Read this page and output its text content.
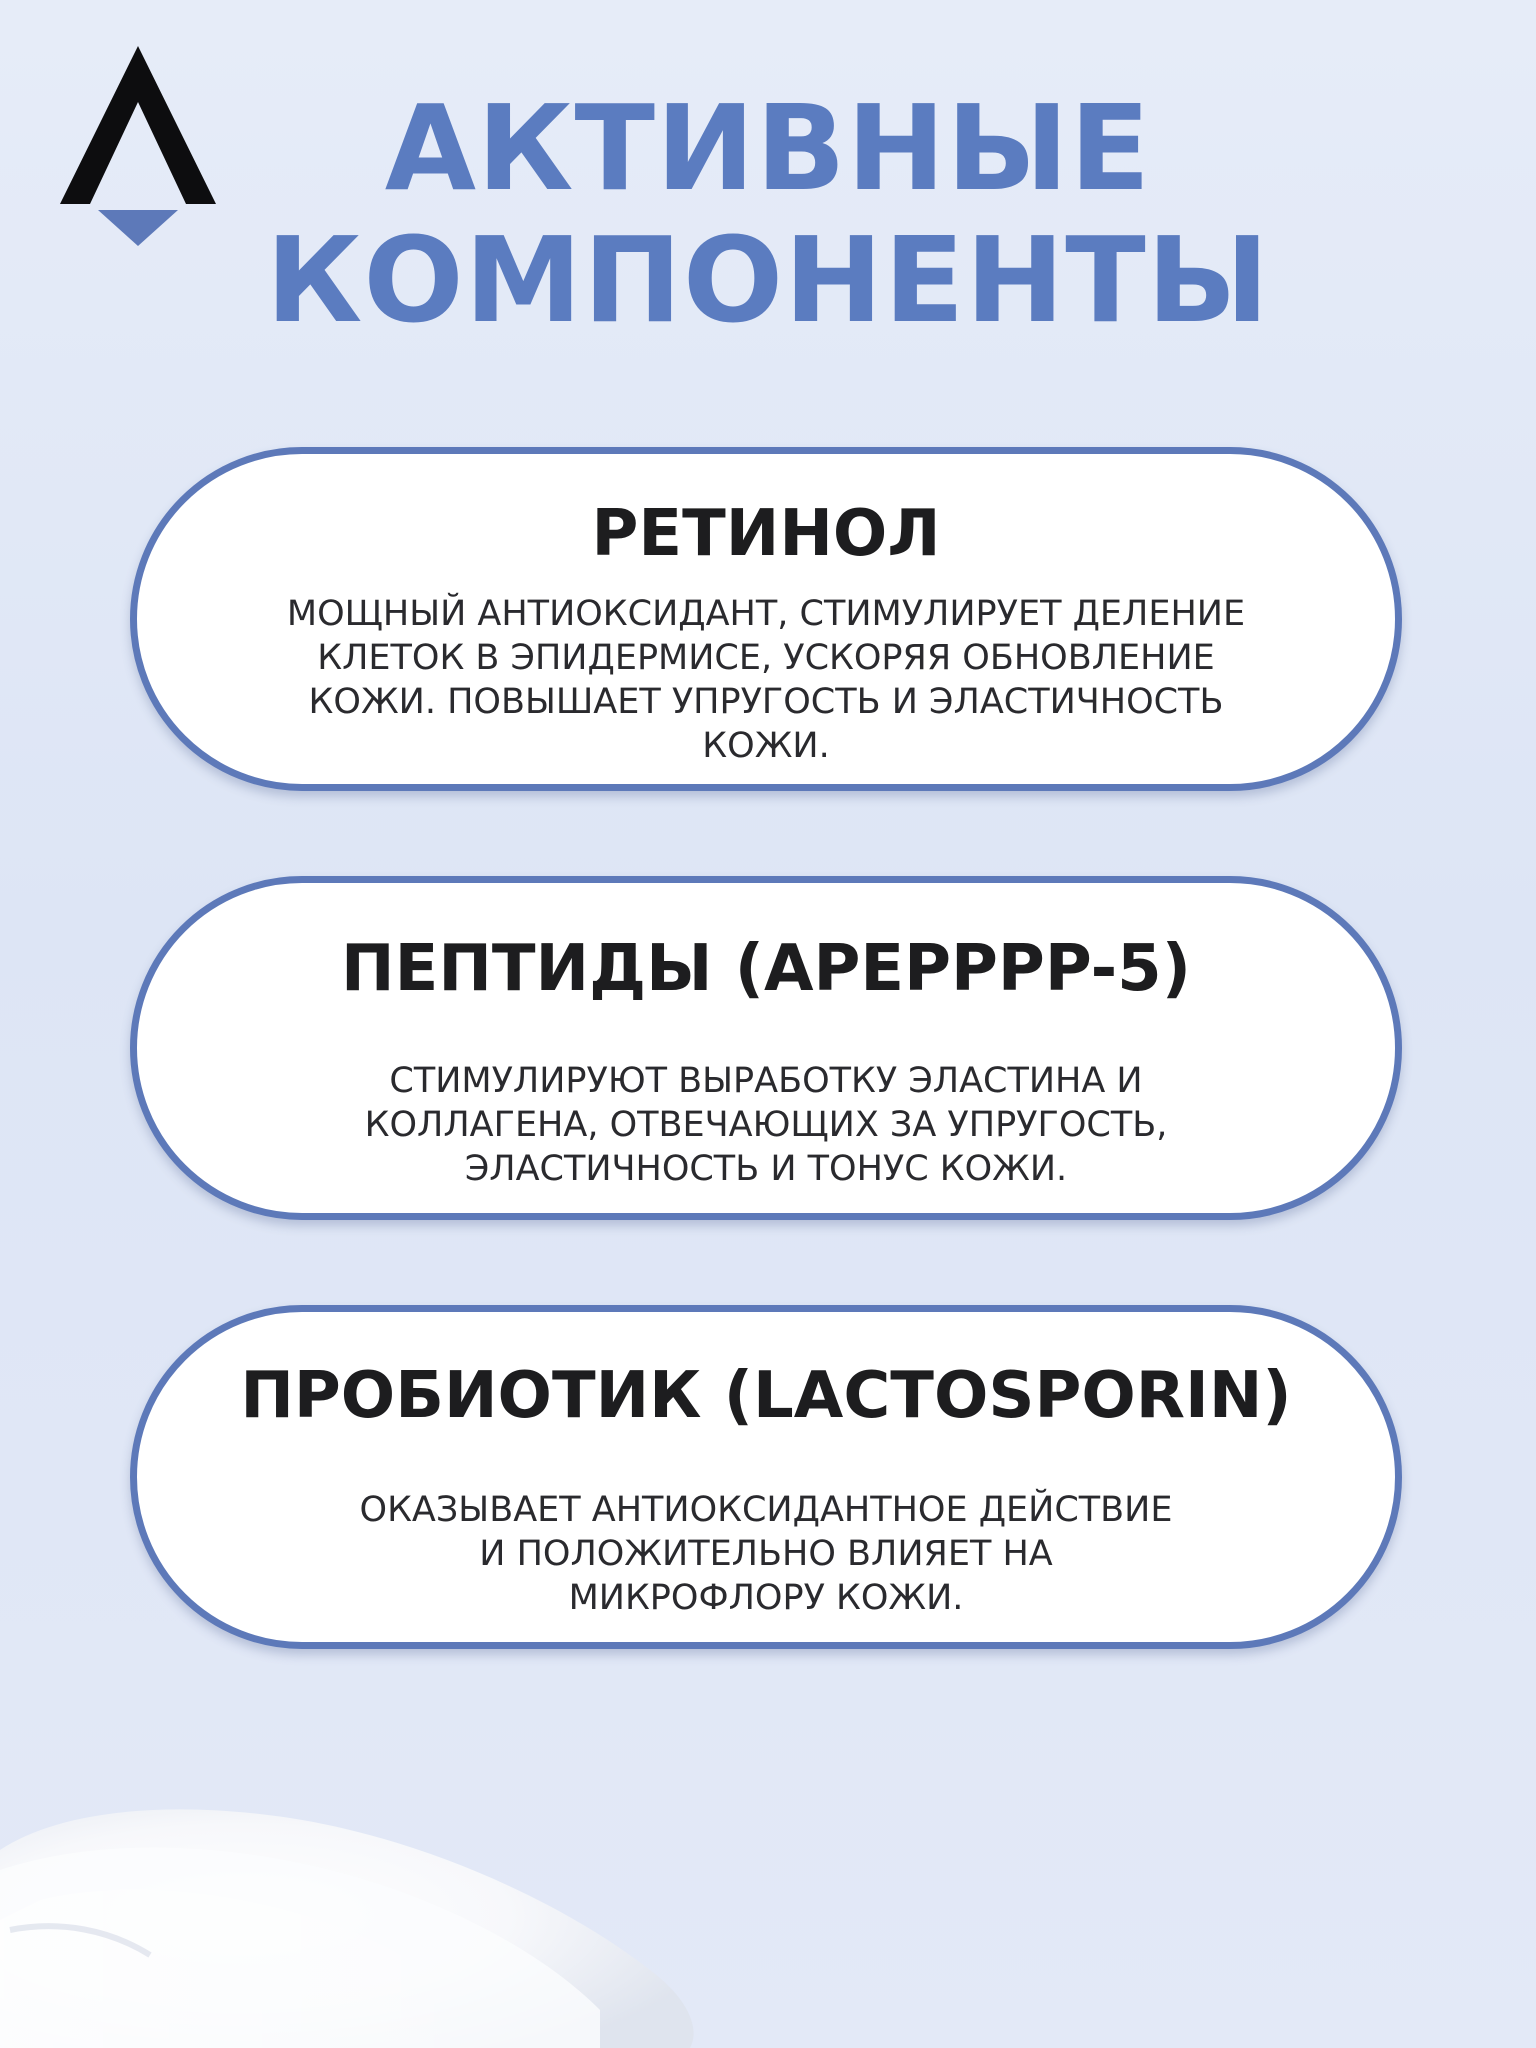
АКТИВНЫЕ
КОМПОНЕНТЫ
РЕТИНОЛ

МОЩНЫЙ АНТИОКСИДАНТ, СТИМУЛИРУЕТ ДЕЛЕНИЕ
КЛЕТОК В ЭПИДЕРМИСЕ, УСКОРЯЯ ОБНОВЛЕНИЕ
КОЖИ. ПОВЫШАЕТ УПРУГОСТЬ И ЭЛАСТИЧНОСТЬ
КОЖИ.

ПЕПТИДЫ (APEPPPP-5)

СТИМУЛИРУЮТ ВЫРАБОТКУ ЭЛАСТИНА И
КОЛЛАГЕНА, ОТВЕЧАЮЩИХ ЗА УПРУГОСТЬ,
ЭЛАСТИЧНОСТЬ И ТОНУС КОЖИ.

ПРОБИОТИК (LACTOSPORIN)

ОКАЗЫВАЕТ АНТИОКСИДАНТНОЕ ДЕЙСТВИЕ
И ПОЛОЖИТЕЛЬНО ВЛИЯЕТ НА
МИКРОФЛОРУ КОЖИ.
